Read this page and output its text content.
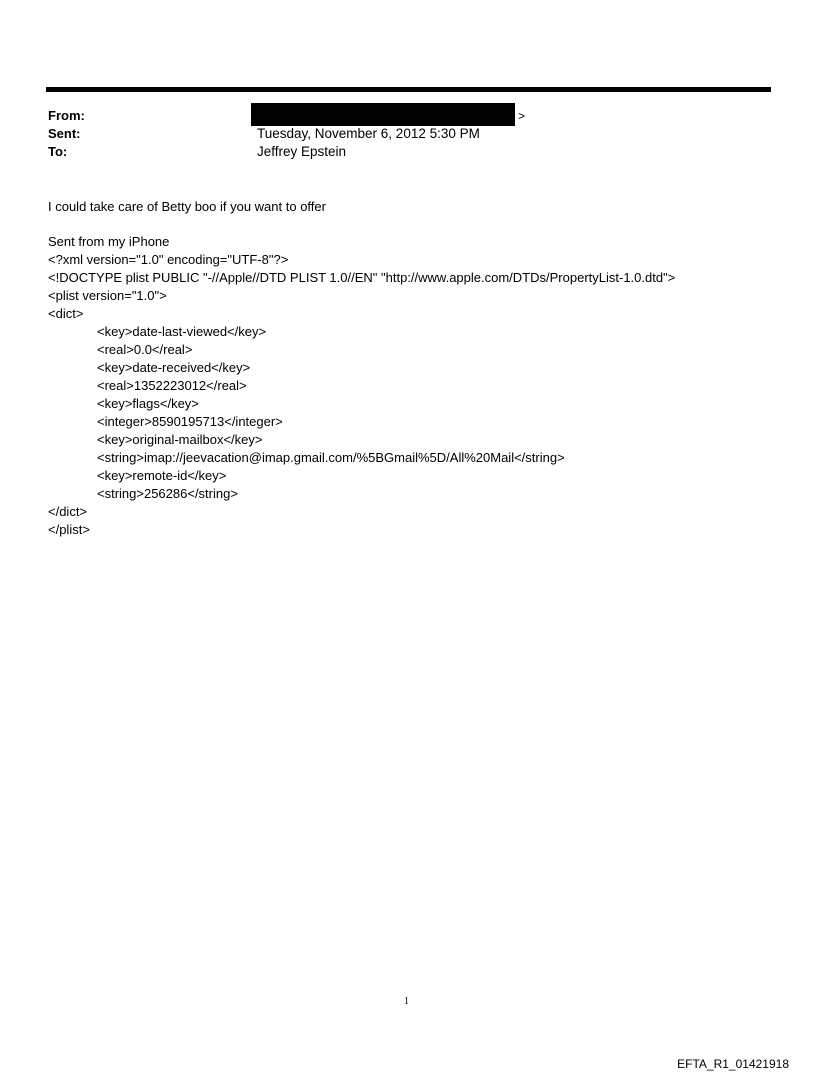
From:	>
Sent:	Tuesday, November 6, 2012 5:30 PM
To:	Jeffrey Epstein
I could take care of Betty boo if you want to offer
Sent from my iPhone
<?xml version="1.0" encoding="UTF-8"?>
<!DOCTYPE plist PUBLIC "-//Apple//DTD PLIST 1.0//EN" "http://www.apple.com/DTDs/PropertyList-1.0.dtd">
<plist version="1.0">
<dict>
<key>date-last-viewed</key>
<real>0.0</real>
<key>date-received</key>
<real>1352223012</real>
<key>flags</key>
<integer>8590195713</integer>
<key>original-mailbox</key>
<string>imap://jeevacation@imap.gmail.com/%5BGmail%5D/All%20Mail</string>
<key>remote-id</key>
<string>256286</string>
</dict>
</plist>
1
EFTA_R1_01421918
